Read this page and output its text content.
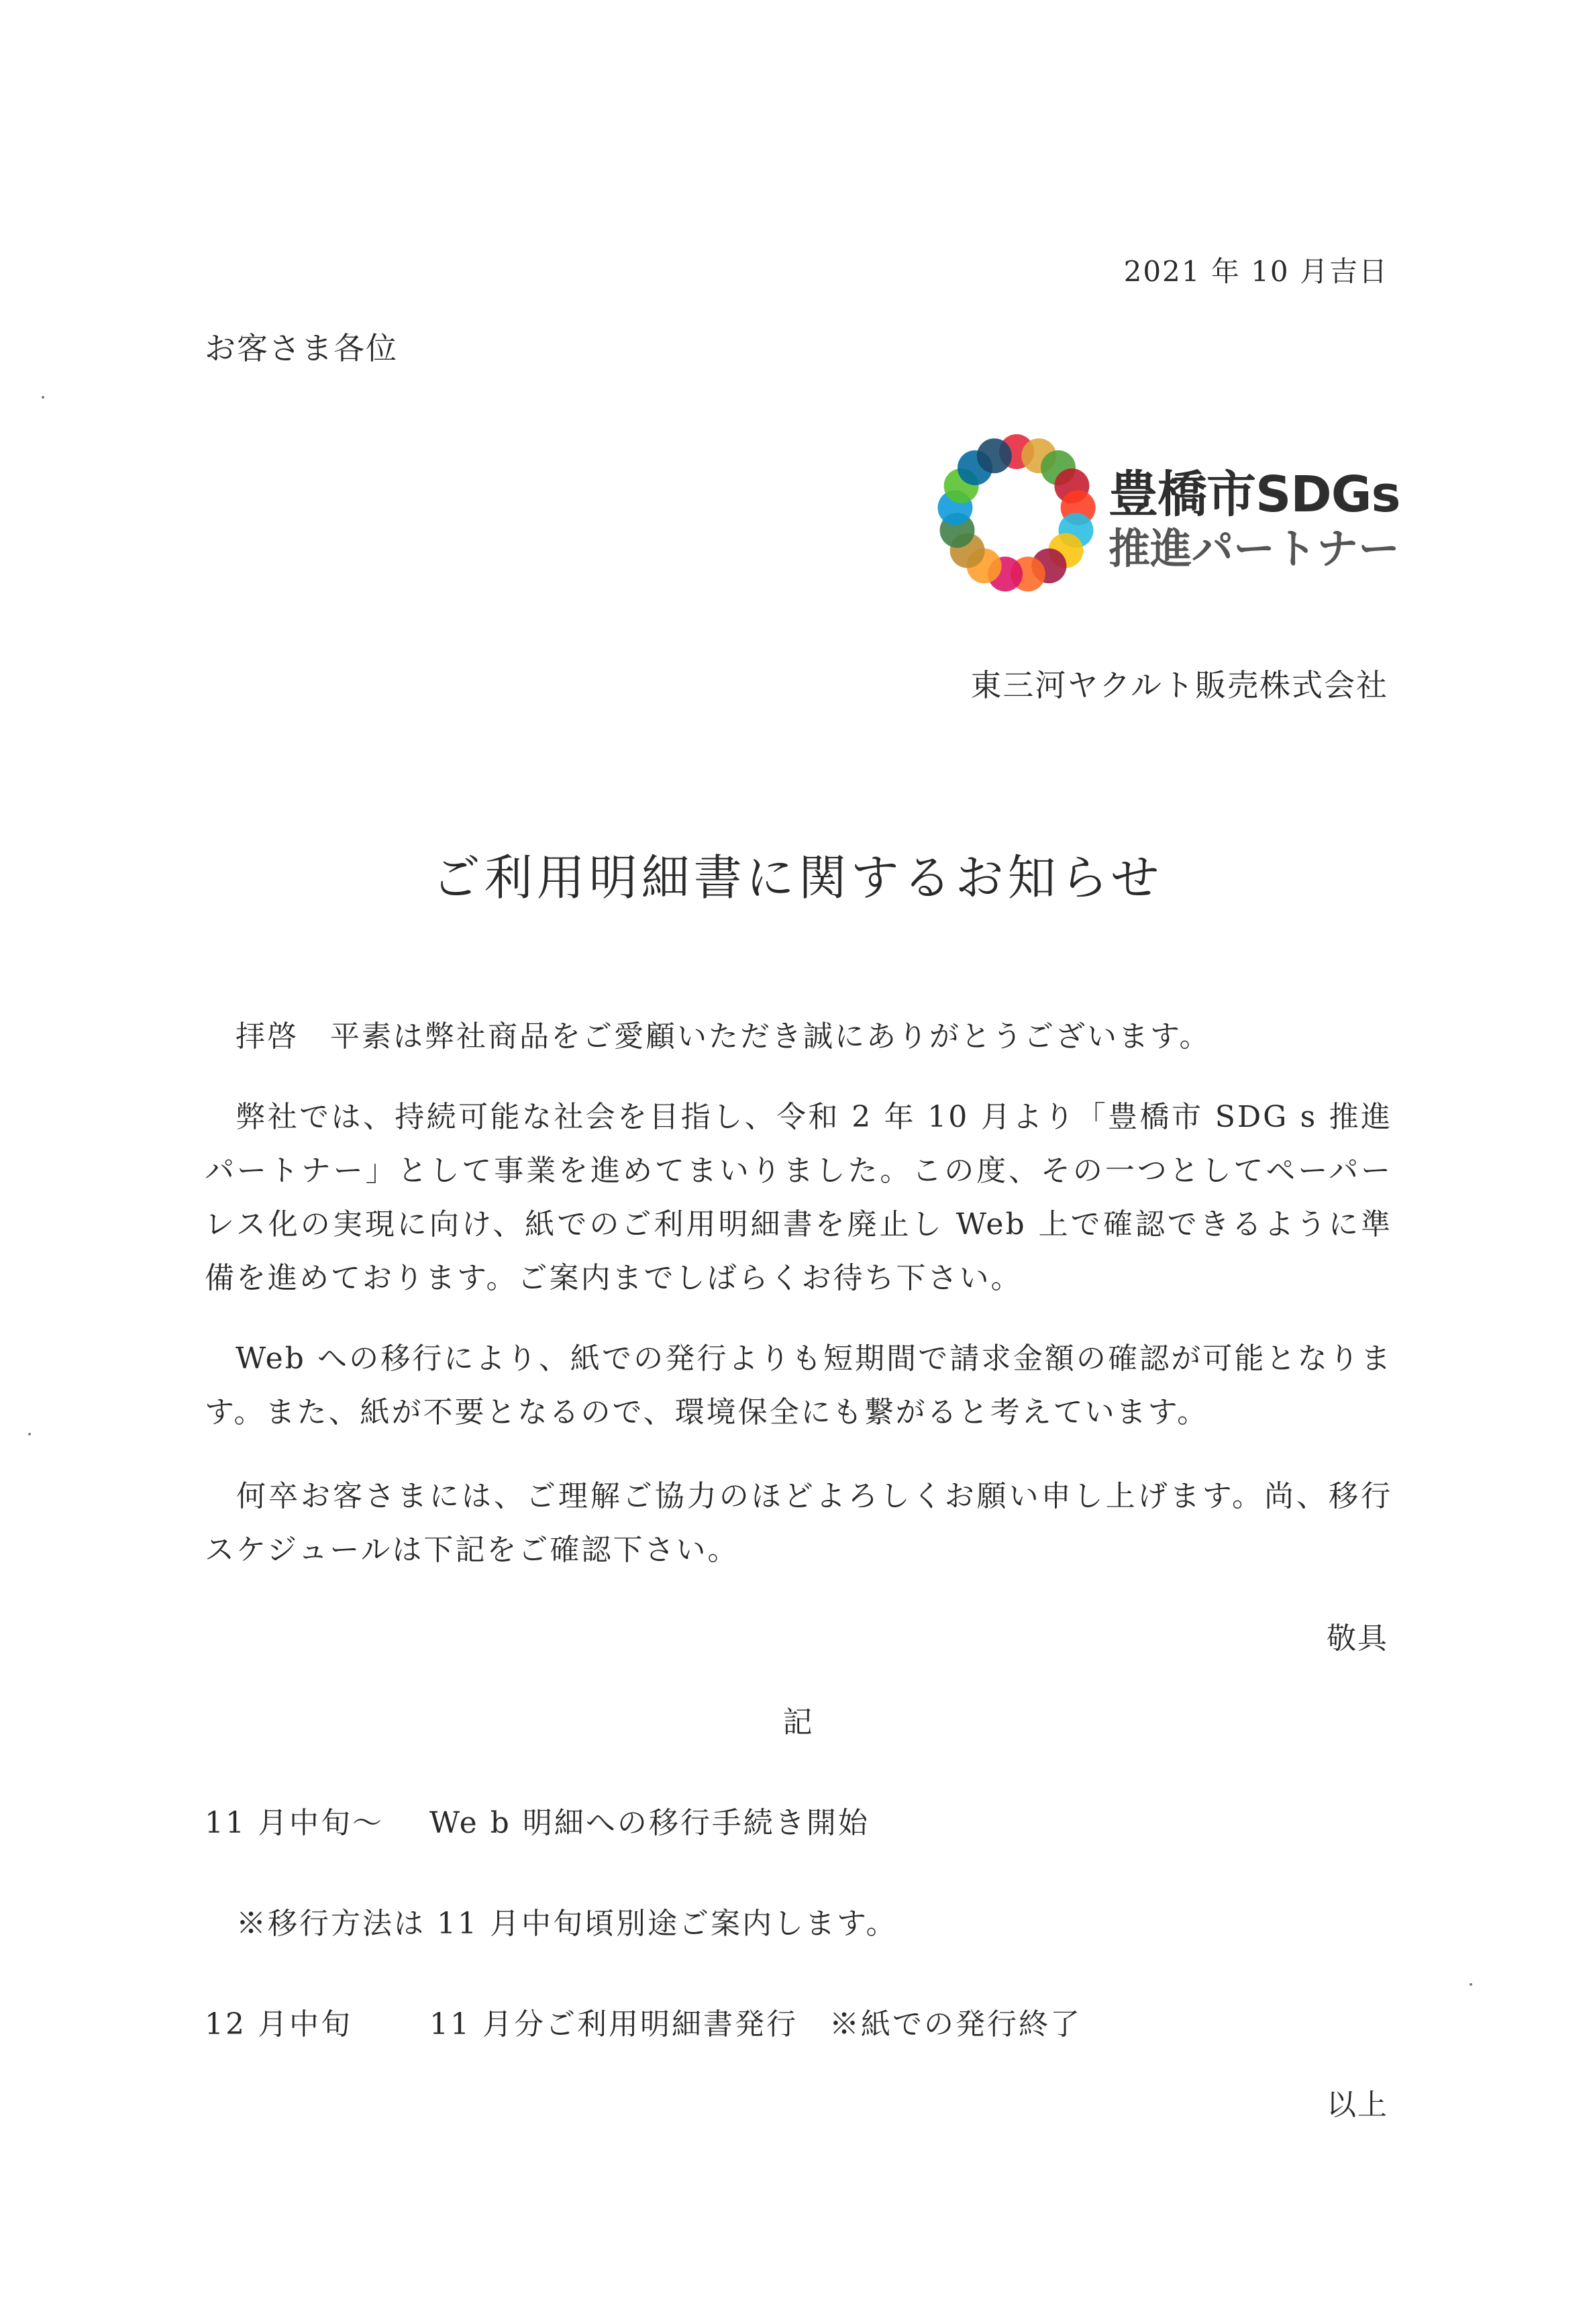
2021 年 10 月吉日
お客さま各位
豊橋市SDGs
推進パートナー
東三河ヤクルト販売株式会社
ご利用明細書に関するお知らせ
拝啓　平素は弊社商品をご愛顧いただき誠にありがとうございます。
弊社では、持続可能な社会を目指し、令和 2 年 10 月より「豊橋市 SDG s 推進パートナー」として事業を進めてまいりました。この度、その一つとしてペーパーレス化の実現に向け、紙でのご利用明細書を廃止し Web 上で確認できるように準備を進めております。ご案内までしばらくお待ち下さい。
Web への移行により、紙での発行よりも短期間で請求金額の確認が可能となります。また、紙が不要となるので、環境保全にも繋がると考えています。
何卒お客さまには、ご理解ご協力のほどよろしくお願い申し上げます。尚、移行スケジュールは下記をご確認下さい。
敬具
記
11 月中旬～ We b 明細への移行手続き開始
※移行方法は 11 月中旬頃別途ご案内します。
12 月中旬	11 月分ご利用明細書発行　※紙での発行終了
以上
